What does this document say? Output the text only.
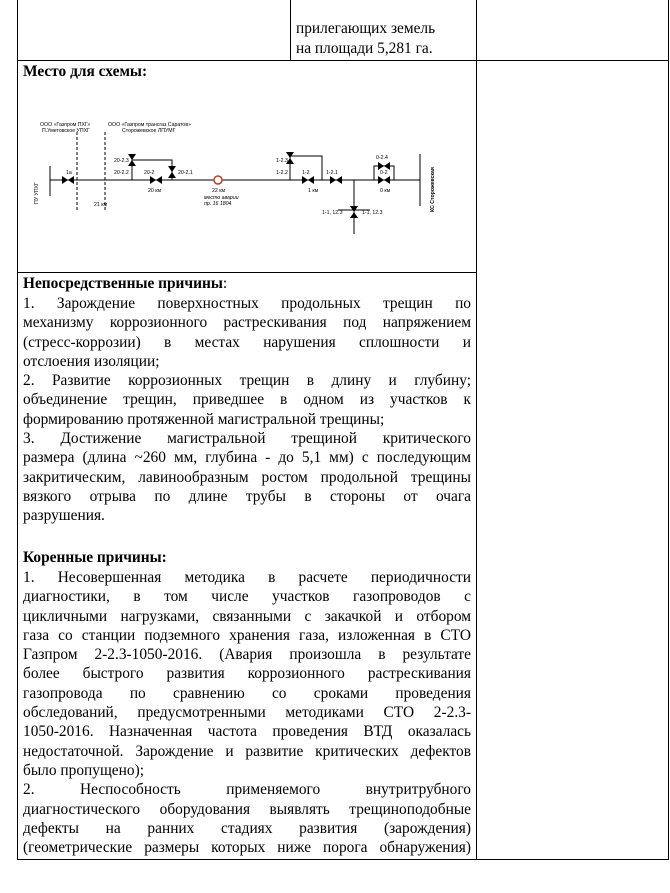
прилегающих земель
на площади 5,281 га.
Место для схемы:
ООО «Газпром ПХГ»
П.Уметовское УПХГ
ООО «Газпром трансгаз Саратов»
Сторожевское ЛПУМГ
1а
21 км
20-2.3
20-2.2	20-2	20-2.1
20 км	22 км
место аварии
пр. 16 1804
1-2.3
1-2.2	1-2	1-2.1
1 км
0-2.4
0-2
0 км
1-1, 12.3	1-1, 12.3
ПУ УПХГ	КС Сторожевская
Непосредственные причины:
1. Зарождение поверхностных продольных трещин по
механизму коррозионного растрескивания под напряжением
(стресс-коррозии) в местах нарушения сплошности и
отслоения изоляции;
2. Развитие коррозионных трещин в длину и глубину;
объединение трещин, приведшее в одном из участков к
формированию протяженной магистральной трещины;
3. Достижение магистральной трещиной критического
размера (длина ~260 мм, глубина - до 5,1 мм) с последующим
закритическим, лавинообразным ростом продольной трещины
вязкого отрыва по длине трубы в стороны от очага
разрушения.
Коренные причины:
1. Несовершенная методика в расчете периодичности
диагностики, в том числе участков газопроводов с
цикличными нагрузками, связанными с закачкой и отбором
газа со станции подземного хранения газа, изложенная в СТО
Газпром 2-2.3-1050-2016. (Авария произошла в результате
более быстрого развития коррозионного растрескивания
газопровода по сравнению со сроками проведения
обследований, предусмотренными методиками СТО 2-2.3-
1050-2016. Назначенная частота проведения ВТД оказалась
недостаточной. Зарождение и развитие критических дефектов
было пропущено);
2. Неспособность применяемого внутритрубного
диагностического оборудования выявлять трещиноподобные
дефекты на ранних стадиях развития (зарождения)
(геометрические размеры которых ниже порога обнаружения)
